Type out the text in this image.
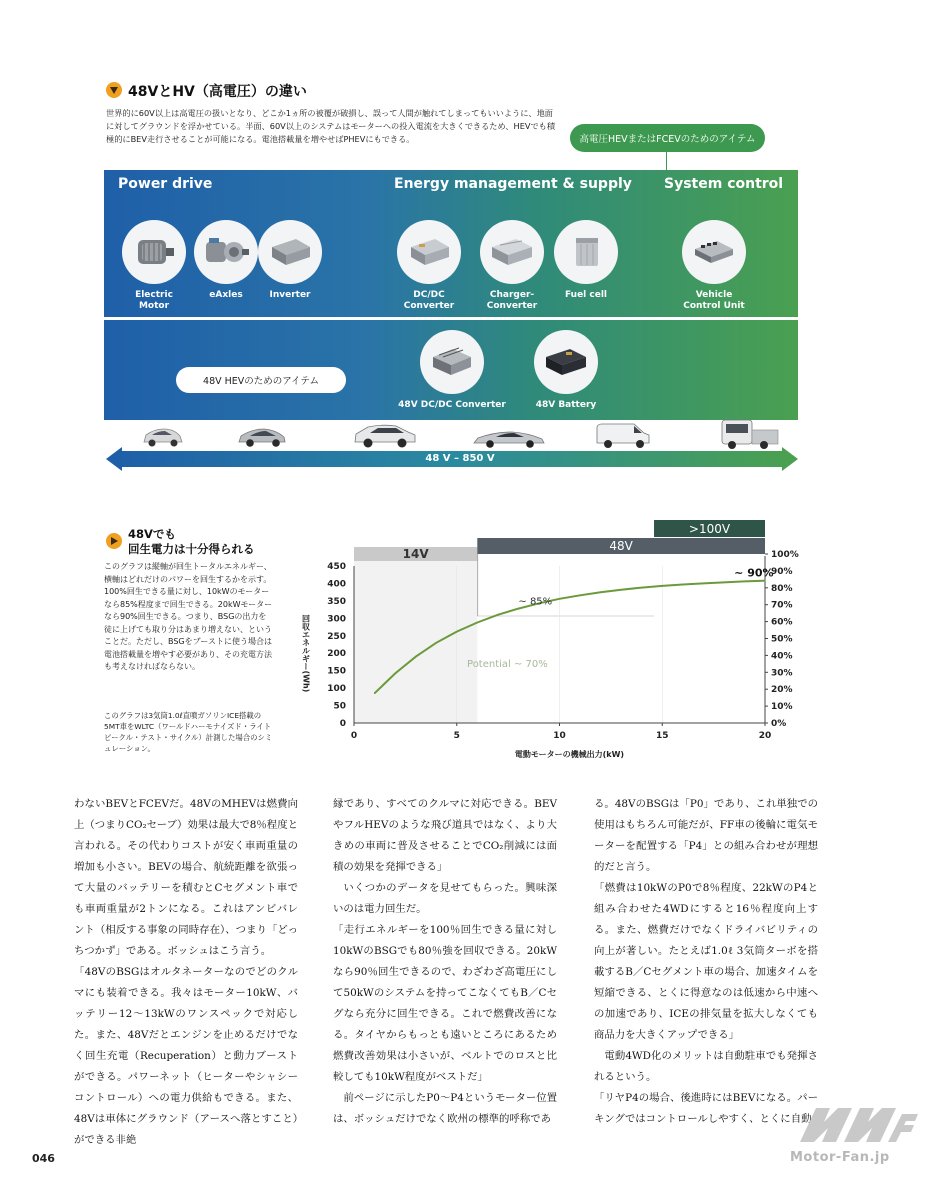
48VとHV（高電圧）の違い
世界的に60V以上は高電圧の扱いとなり、どこか1ヵ所の被覆が破損し、誤って人間が触れてしまってもいいように、地面に対してグラウンドを浮かせている。半面、60V以上のシステムはモーターへの投入電流を大きくできるため、HEVでも積極的にBEV走行させることが可能になる。電池搭載量を増やせばPHEVにもできる。	高電圧HEVまたはFCEVのためのアイテム
Power drive	Energy management & supply System control
Electric
Motor
eAxles	Inverter	DC/DC
Converter
Charger-
Converter
Fuel cell	Vehicle
Control Unit
48V HEVのためのアイテム
48V DC/DC Converter	48V Battery
48 V – 850 V
48Vでも
回生電力は十分得られる
このグラフは縦軸が回生トータルエネルギー、横軸はどれだけのパワーを回生するかを示す。100%回生できる量に対し、10kWのモーターなら85%程度まで回生できる。20kWモーターなら90%回生できる。つまり、BSGの出力を徒に上げても取り分はあまり増えない、ということだ。ただし、BSGをブーストに使う場合は電池搭載量を増やす必要があり、その充電方法も考えなければならない。
このグラフは3気筒1.0ℓ直噴ガソリンICE搭載の5MT車をWLTC（ワールドハーモナイズド・ライトビークル・テスト・サイクル）計測した場合のシミュレーション。
14V
48V
>100V
0	5	10	15	20
0
50
100
150
200
250
300
350
400
450
0%
10%
20%
30%
40%
50%
60%
70%
80%
90%
100%
電動モーターの機械出力(kW)
回収エネルギー(Wh)
~ 85%
~ 90%
Potential ~ 70%

わないBEVとFCEVだ。48VのMHEVは燃費向上（つまりCO₂セーブ）効果は最大で8％程度と言われる。その代わりコストが安く車両重量の増加も小さい。BEVの場合、航続距離を欲張って大量のバッテリーを積むとCセグメント車でも車両重量が2トンになる。これはアンビバレント（相反する事象の同時存在）、つまり「どっちつかず」である。ボッシュはこう言う。

「48VのBSGはオルタネーターなのでどのクルマにも装着できる。我々はモーター10kW、バッテリー12〜13kWのワンスペックで対応した。また、48Vだとエンジンを止めるだけでなく回生充電（Recuperation）と動力ブーストができる。パワーネット（ヒーターやシャシーコントロール）への電力供給もできる。また、48Vは車体にグラウンド（アースへ落とすこと）ができる非絶

縁であり、すべてのクルマに対応できる。BEVやフルHEVのような飛び道具ではなく、より大きめの車両に普及させることでCO₂削減には面積の効果を発揮できる」

いくつかのデータを見せてもらった。興味深いのは電力回生だ。

「走行エネルギーを100％回生できる量に対し10kWのBSGでも80％強を回収できる。20kWなら90％回生できるので、わざわざ高電圧にして50kWのシステムを持ってこなくてもB／Cセグなら充分に回生できる。これで燃費改善になる。タイヤからもっとも遠いところにあるため燃費改善効果は小さいが、ベルトでのロスと比較しても10kW程度がベストだ」

前ページに示したP0〜P4というモーター位置は、ボッシュだけでなく欧州の標準的呼称であ

る。48VのBSGは「P0」であり、これ単独での使用はもちろん可能だが、FF車の後輪に電気モーターを配置する「P4」との組み合わせが理想的だと言う。

「燃費は10kWのP0で8％程度、22kWのP4と組み合わせた4WDにすると16％程度向上する。また、燃費だけでなくドライバビリティの向上が著しい。たとえば1.0ℓ 3気筒ターボを搭載するB／Cセグメント車の場合、加速タイムを短縮できる、とくに得意なのは低速から中速への加速であり、ICEの排気量を拡大しなくても商品力を大きくアップできる」

電動4WD化のメリットは自動駐車でも発揮されるという。

「リヤP4の場合、後進時にはBEVになる。パーキングではコントロールしやすく、とくに自動

046	Motor-Fan.jp
